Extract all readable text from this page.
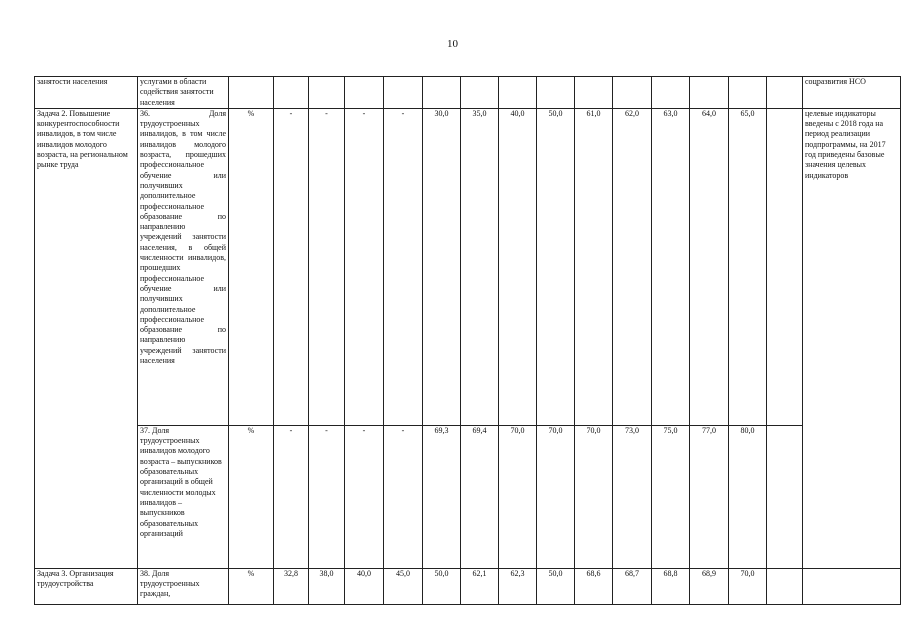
10
занятости населения	услугами в области содействия занятости населения																соцразвития НСО
Задача 2. Повышение конкурентоспособности инвалидов, в том числе инвалидов молодого возраста, на региональном рынке труда	36. Доля трудоустроенных инвалидов, в том числе инвалидов молодого возраста, прошедших профессиональное обучение или получивших дополнительное профессиональное образование по направлению учреждений занятости населения, в общей численности инвалидов, прошедших профессиональное обучение или получивших дополнительное профессиональное образование по направлению учреждений занятости населения	%	-	-	-	-	30,0	35,0	40,0	50,0	61,0	62,0	63,0	64,0	65,0		целевые индикаторы введены с 2018 года на период реализации подпрограммы, на 2017 год приведены базовые значения целевых индикаторов
	37. Доля трудоустроенных инвалидов молодого возраста – выпускников образовательных организаций в общей численности молодых инвалидов – выпускников образовательных организаций	%	-	-	-	-	69,3	69,4	70,0	70,0	70,0	73,0	75,0	77,0	80,0		
Задача 3. Организация трудоустройства	38. Доля трудоустроенных граждан,	%	32,8	38,0	40,0	45,0	50,0	62,1	62,3	50,0	68,6	68,7	68,8	68,9	70,0		
